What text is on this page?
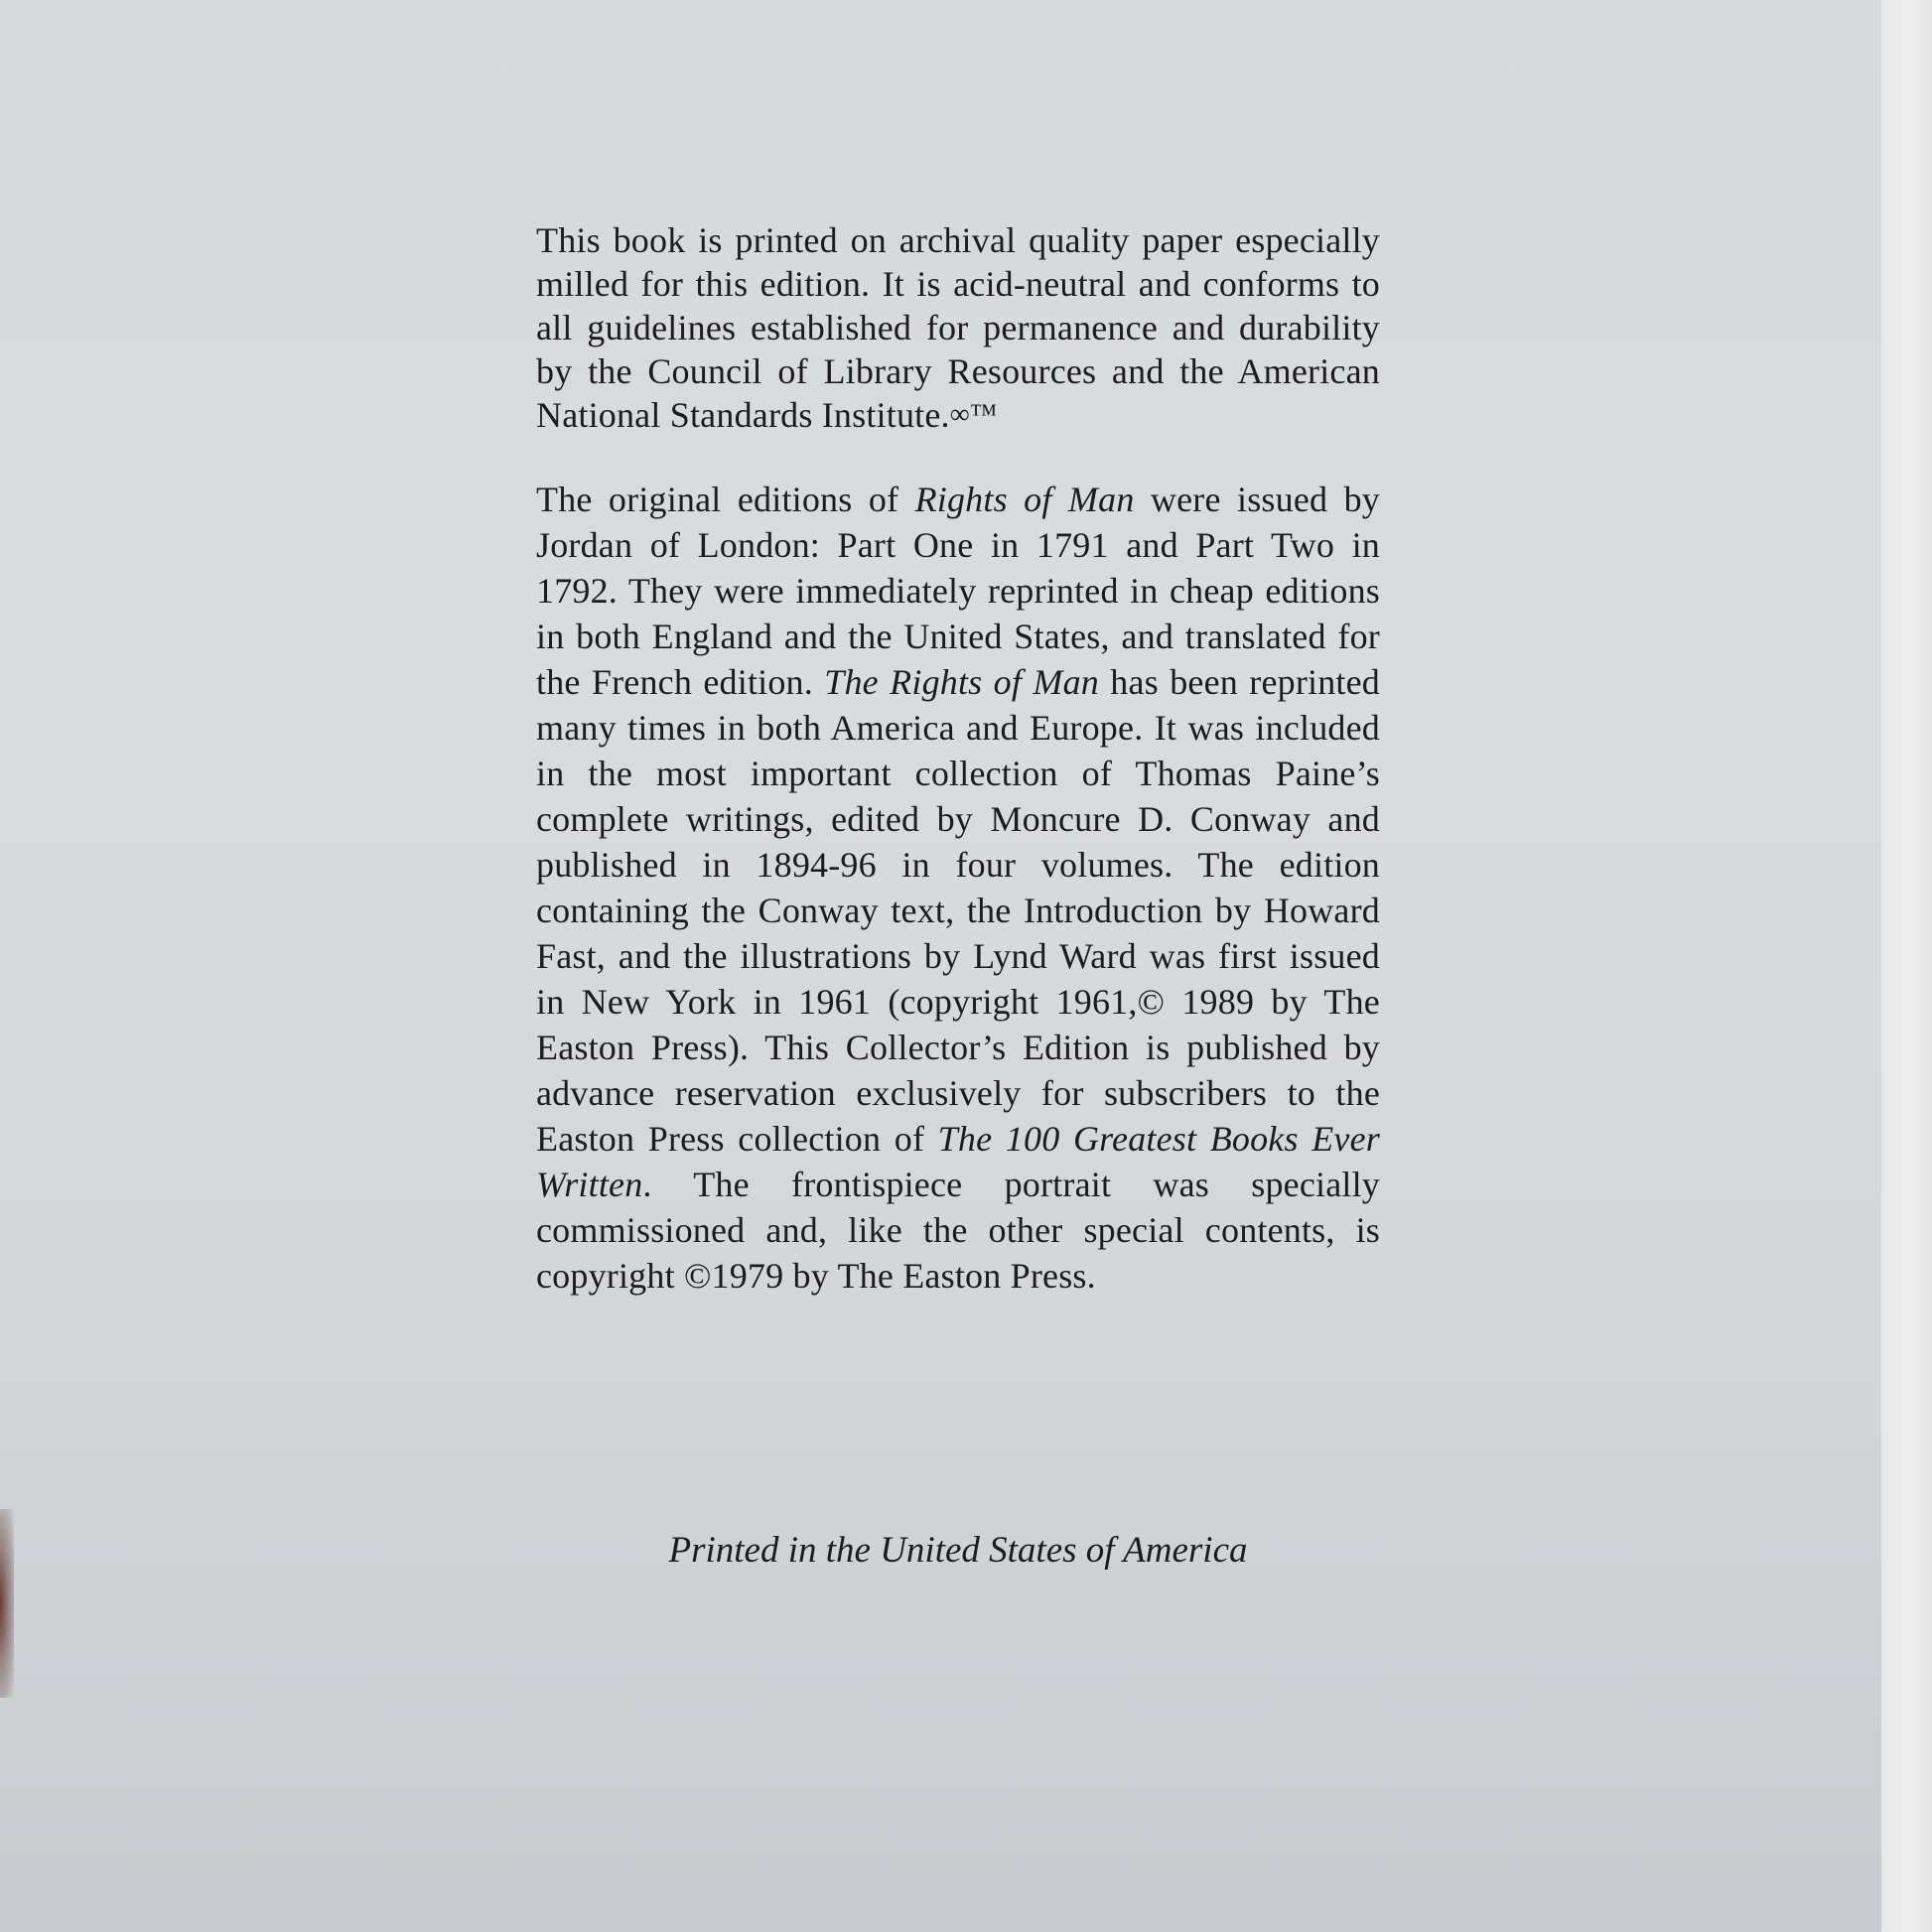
This book is printed on archival quality paper especially milled for this edition. It is acid-neutral and conforms to all guidelines established for permanence and durability by the Council of Library Resources and the American National Standards Institute.∞™

The original editions of Rights of Man were issued by Jordan of London: Part One in 1791 and Part Two in 1792. They were immediately reprinted in cheap editions in both England and the United States, and translated for the French edition. The Rights of Man has been reprinted many times in both America and Europe. It was included in the most important collection of Thomas Paine’s complete writings, edited by Moncure D. Conway and published in 1894-96 in four volumes. The edition containing the Conway text, the Introduction by Howard Fast, and the illustrations by Lynd Ward was first issued in New York in 1961 (copyright 1961,© 1989 by The Easton Press). This Collector’s Edition is published by advance reservation exclusively for subscribers to the Easton Press collection of The 100 Greatest Books Ever Written. The frontispiece portrait was specially commissioned and, like the other special contents, is copyright ©1979 by The Easton Press.

Printed in the United States of America
